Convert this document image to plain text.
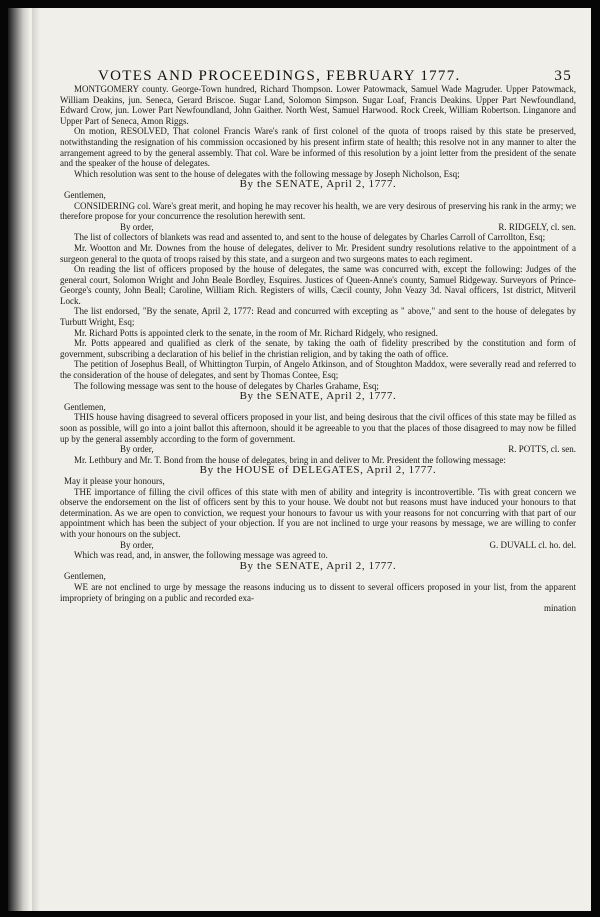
VOTES AND PROCEEDINGS, FEBRUARY 1777.	35

MONTGOMERY county. George-Town hundred, Richard Thompson. Lower Patowmack, Samuel Wade Magruder. Upper Patowmack, William Deakins, jun. Seneca, Gerard Briscoe. Sugar Land, Solomon Simpson. Sugar Loaf, Francis Deakins. Upper Part Newfoundland, Edward Crow, jun. Lower Part Newfoundland, John Gaither. North West, Samuel Harwood. Rock Creek, William Robertson. Linganore and Upper Part of Seneca, Amon Riggs.

On motion, RESOLVED, That colonel Francis Ware's rank of first colonel of the quota of troops raised by this state be preserved, notwithstanding the resignation of his commission occasioned by his present infirm state of health; this resolve not in any manner to alter the arrangement agreed to by the general assembly. That col. Ware be informed of this resolution by a joint letter from the president of the senate and the speaker of the house of delegates.

Which resolution was sent to the house of delegates with the following message by Joseph Nicholson, Esq;

By the SENATE, April 2, 1777.

Gentlemen,

CONSIDERING col. Ware's great merit, and hoping he may recover his health, we are very desirous of preserving his rank in the army; we therefore propose for your concurrence the resolution herewith sent.

By order,	R. RIDGELY, cl. sen.

The list of collectors of blankets was read and assented to, and sent to the house of delegates by Charles Carroll of Carrollton, Esq;

Mr. Wootton and Mr. Downes from the house of delegates, deliver to Mr. President sundry resolutions relative to the appointment of a surgeon general to the quota of troops raised by this state, and a surgeon and two surgeons mates to each regiment.

On reading the list of officers proposed by the house of delegates, the same was concurred with, except the following: Judges of the general court, Solomon Wright and John Beale Bordley, Esquires. Justices of Queen-Anne's county, Samuel Ridgeway. Surveyors of Prince-George's county, John Beall; Caroline, William Rich. Registers of wills, Cæcil county, John Veazy 3d. Naval officers, 1st district, Mitveril Lock.

The list endorsed, "By the senate, April 2, 1777: Read and concurred with excepting as " above," and sent to the house of delegates by Turbutt Wright, Esq;

Mr. Richard Potts is appointed clerk to the senate, in the room of Mr. Richard Ridgely, who resigned.

Mr. Potts appeared and qualified as clerk of the senate, by taking the oath of fidelity prescribed by the constitution and form of government, subscribing a declaration of his belief in the christian religion, and by taking the oath of office.

The petition of Josephus Beall, of Whittington Turpin, of Angelo Atkinson, and of Stoughton Maddox, were severally read and referred to the consideration of the house of delegates, and sent by Thomas Contee, Esq;

The following message was sent to the house of delegates by Charles Grahame, Esq;

By the SENATE, April 2, 1777.

Gentlemen,

THIS house having disagreed to several officers proposed in your list, and being desirous that the civil offices of this state may be filled as soon as possible, will go into a joint ballot this afternoon, should it be agreeable to you that the places of those disagreed to may now be filled up by the general assembly according to the form of government.

By order,	R. POTTS, cl. sen.

Mr. Lethbury and Mr. T. Bond from the house of delegates, bring in and deliver to Mr. President the following message:

By the HOUSE of DELEGATES, April 2, 1777.

May it please your honours,

THE importance of filling the civil offices of this state with men of ability and integrity is incontrovertible. 'Tis with great concern we observe the endorsement on the list of officers sent by this to your house. We doubt not but reasons must have induced your honours to that determination. As we are open to conviction, we request your honours to favour us with your reasons for not concurring with that part of our appointment which has been the subject of your objection. If you are not inclined to urge your reasons by message, we are willing to confer with your honours on the subject.

By order,	G. DUVALL cl. ho. del.

Which was read, and, in answer, the following message was agreed to.

By the SENATE, April 2, 1777.

Gentlemen,

WE are not enclined to urge by message the reasons inducing us to dissent to several officers proposed in your list, from the apparent impropriety of bringing on a public and recorded exa-

mination
